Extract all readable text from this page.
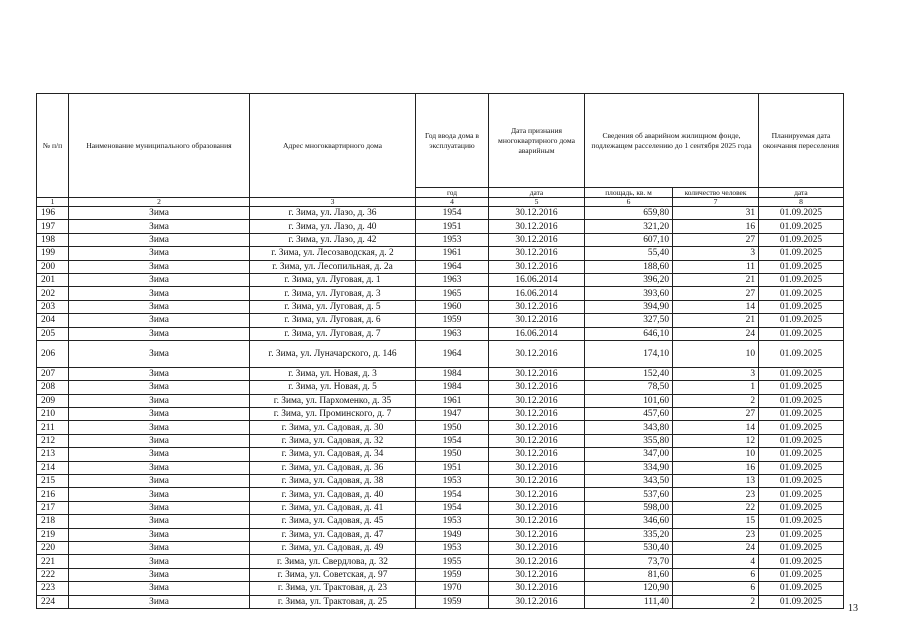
№ п/п	Наименование муниципального образования	Адрес многоквартирного дома	Год ввода дома в эксплуатацию	Дата признания многоквартирного дома аварийным	Сведения об аварийном жилищном фонде, подлежащем расселению до 1 сентября 2025 года		Планируемая дата окончания переселения
			год	дата	площадь, кв. м	количество человек	дата
1	2	3	4	5	6	7	8
196	Зима	г. Зима, ул. Лазо, д. 36	1954	30.12.2016	659,80	31	01.09.2025
197	Зима	г. Зима, ул. Лазо, д. 40	1951	30.12.2016	321,20	16	01.09.2025
198	Зима	г. Зима, ул. Лазо, д. 42	1953	30.12.2016	607,10	27	01.09.2025
199	Зима	г. Зима, ул. Лесозаводская, д. 2	1961	30.12.2016	55,40	3	01.09.2025
200	Зима	г. Зима, ул. Лесопильная, д. 2а	1964	30.12.2016	188,60	11	01.09.2025
201	Зима	г. Зима, ул. Луговая, д. 1	1963	16.06.2014	396,20	21	01.09.2025
202	Зима	г. Зима, ул. Луговая, д. 3	1965	16.06.2014	393,60	27	01.09.2025
203	Зима	г. Зима, ул. Луговая, д. 5	1960	30.12.2016	394,90	14	01.09.2025
204	Зима	г. Зима, ул. Луговая, д. 6	1959	30.12.2016	327,50	21	01.09.2025
205	Зима	г. Зима, ул. Луговая, д. 7	1963	16.06.2014	646,10	24	01.09.2025
206	Зима	г. Зима, ул. Луначарского, д. 146	1964	30.12.2016	174,10	10	01.09.2025
207	Зима	г. Зима, ул. Новая, д. 3	1984	30.12.2016	152,40	3	01.09.2025
208	Зима	г. Зима, ул. Новая, д. 5	1984	30.12.2016	78,50	1	01.09.2025
209	Зима	г. Зима, ул. Пархоменко, д. 35	1961	30.12.2016	101,60	2	01.09.2025
210	Зима	г. Зима, ул. Проминского, д. 7	1947	30.12.2016	457,60	27	01.09.2025
211	Зима	г. Зима, ул. Садовая, д. 30	1950	30.12.2016	343,80	14	01.09.2025
212	Зима	г. Зима, ул. Садовая, д. 32	1954	30.12.2016	355,80	12	01.09.2025
213	Зима	г. Зима, ул. Садовая, д. 34	1950	30.12.2016	347,00	10	01.09.2025
214	Зима	г. Зима, ул. Садовая, д. 36	1951	30.12.2016	334,90	16	01.09.2025
215	Зима	г. Зима, ул. Садовая, д. 38	1953	30.12.2016	343,50	13	01.09.2025
216	Зима	г. Зима, ул. Садовая, д. 40	1954	30.12.2016	537,60	23	01.09.2025
217	Зима	г. Зима, ул. Садовая, д. 41	1954	30.12.2016	598,00	22	01.09.2025
218	Зима	г. Зима, ул. Садовая, д. 45	1953	30.12.2016	346,60	15	01.09.2025
219	Зима	г. Зима, ул. Садовая, д. 47	1949	30.12.2016	335,20	23	01.09.2025
220	Зима	г. Зима, ул. Садовая, д. 49	1953	30.12.2016	530,40	24	01.09.2025
221	Зима	г. Зима, ул. Свердлова, д. 32	1955	30.12.2016	73,70	4	01.09.2025
222	Зима	г. Зима, ул. Советская, д. 97	1959	30.12.2016	81,60	6	01.09.2025
223	Зима	г. Зима, ул. Трактовая, д. 23	1970	30.12.2016	120,90	6	01.09.2025
224	Зима	г. Зима, ул. Трактовая, д. 25	1959	30.12.2016	111,40	2	01.09.2025
13
